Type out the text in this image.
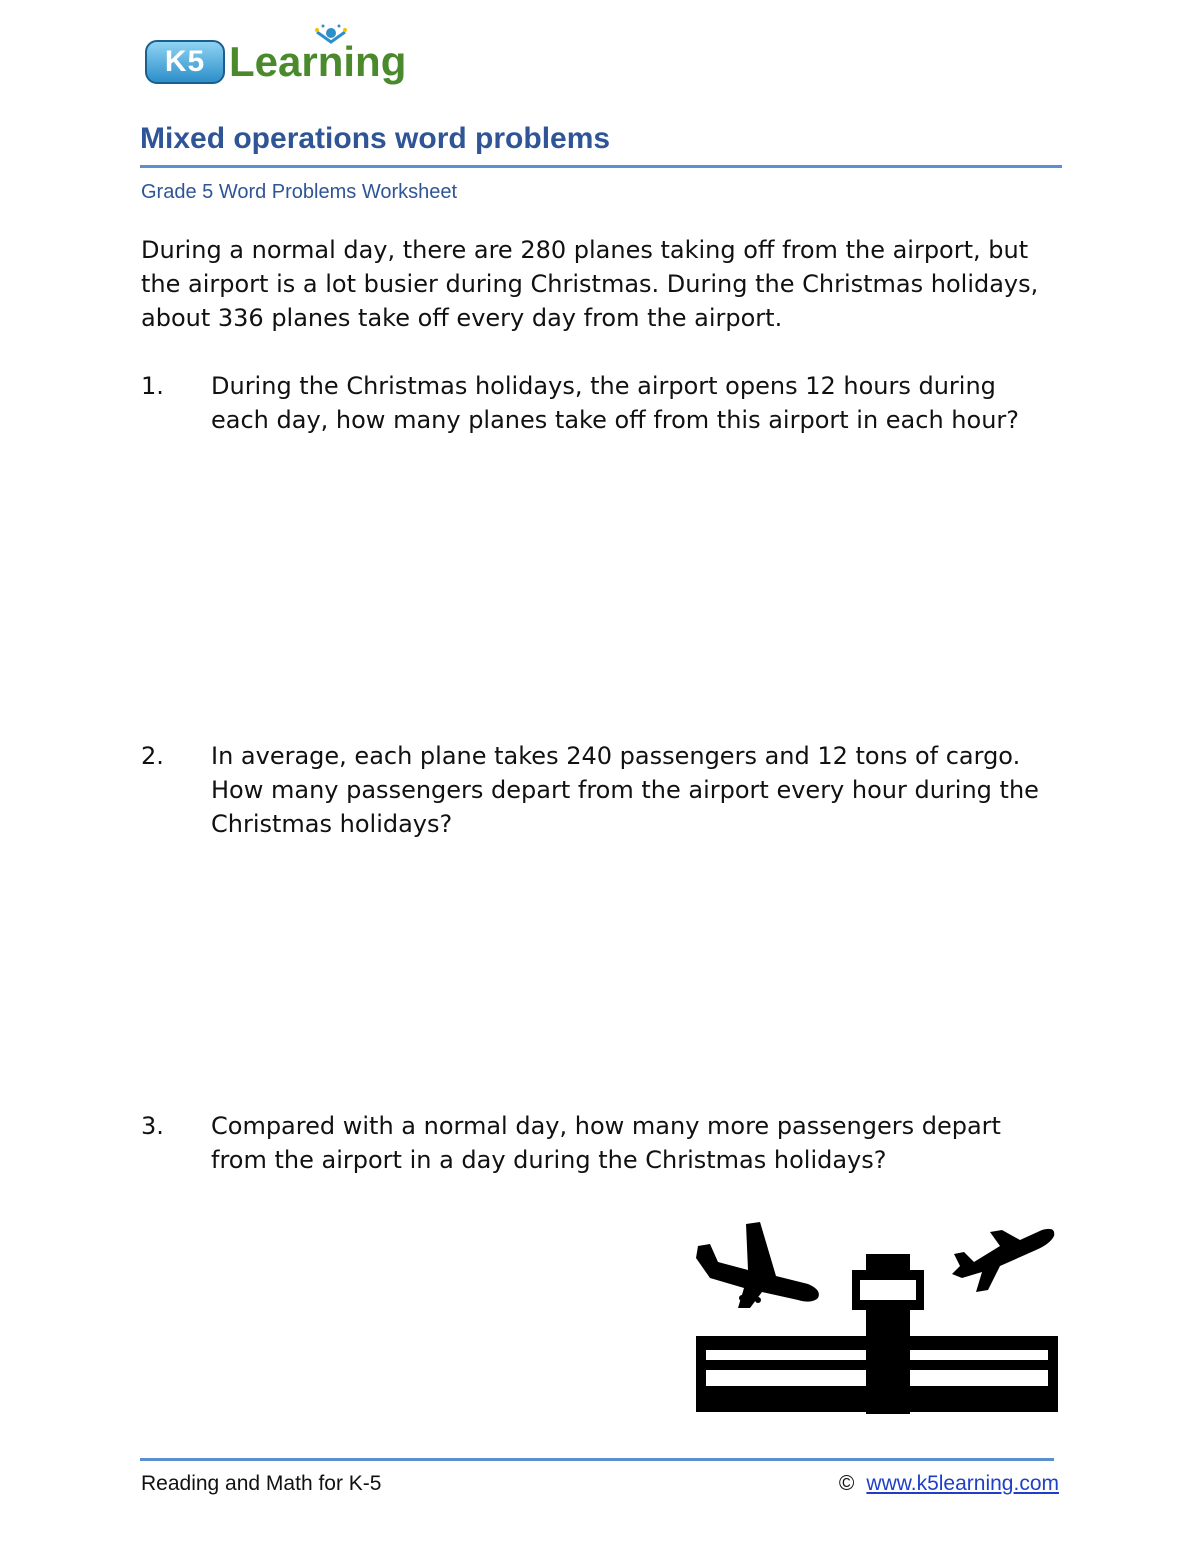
K5 Learning
Mixed operations word problems
Grade 5 Word Problems Worksheet

During a normal day, there are 280 planes taking off from the airport, but the airport is a lot busier during Christmas. During the Christmas holidays, about 336 planes take off every day from the airport.

1.	During the Christmas holidays, the airport opens 12 hours during each day, how many planes take off from this airport in each hour?
2.	In average, each plane takes 240 passengers and 12 tons of cargo. How many passengers depart from the airport every hour during the Christmas holidays?
3.	Compared with a normal day, how many more passengers depart from the airport in a day during the Christmas holidays?
Reading and Math for K-5	© www.k5learning.com
